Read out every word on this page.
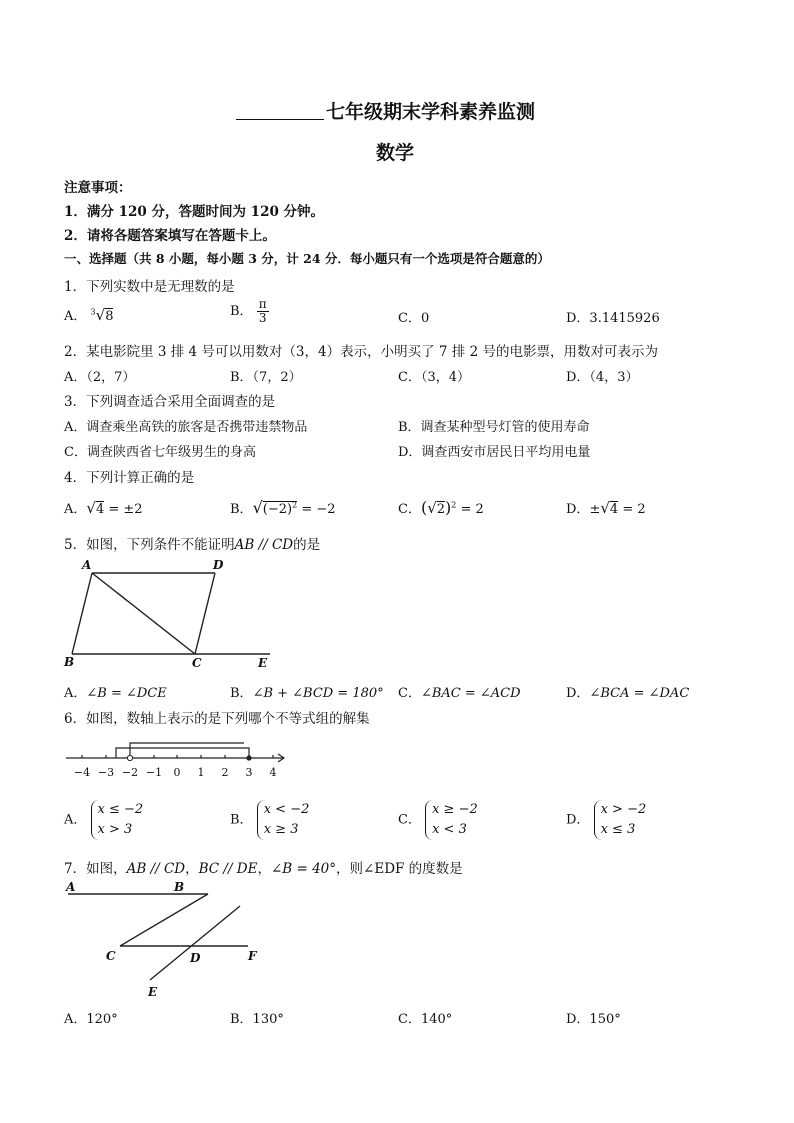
七年级期末学科素养监测
数学
注意事项：
1．满分 120 分，答题时间为 120 分钟。
2．请将各题答案填写在答题卡上。
一、选择题（共 8 小题，每小题 3 分，计 24 分．每小题只有一个选项是符合题意的）
1．下列实数中是无理数的是
A． $^3$√8	B． $\frac{\pi}{3}$	C．0	D．3.1415926
2．某电影院里 3 排 4 号可以用数对（3，4）表示，小明买了 7 排 2 号的电影票，用数对可表示为
A．（2，7）	B．（7，2）	C．（3，4）	D．（4，3）
3．下列调查适合采用全面调查的是
A．调查乘坐高铁的旅客是否携带违禁物品	B．调查某种型号灯管的使用寿命
C．调查陕西省七年级男生的身高	D．调查西安市居民日平均用电量
4．下列计算正确的是
A．√4 = ±2	B．$√(-2)^2 = -2$	C．$(√2)^2 = 2$	D．±√4 = 2
5．如图，下列条件不能证明AB // CD的是
A	D
B	C	E
A．∠B = ∠DCE	B．∠B + ∠BCD = 180° C．∠BAC = ∠ACD	D．∠BCA = ∠DAC
6．如图，数轴上表示的是下列哪个不等式组的解集
−4 −3 −2 −1 0 1 2 3 4
A． x ≤ −2
x > 3
B． x < −2
x ≥ 3
C． x ≥ −2
x < 3
D． x > −2
x ≤ 3
7．如图，AB // CD，BC // DE，∠B = 40°，则∠EDF 的度数是
A	B
C	D	F
E
A．120°	B．130°	C．140°	D．150°
